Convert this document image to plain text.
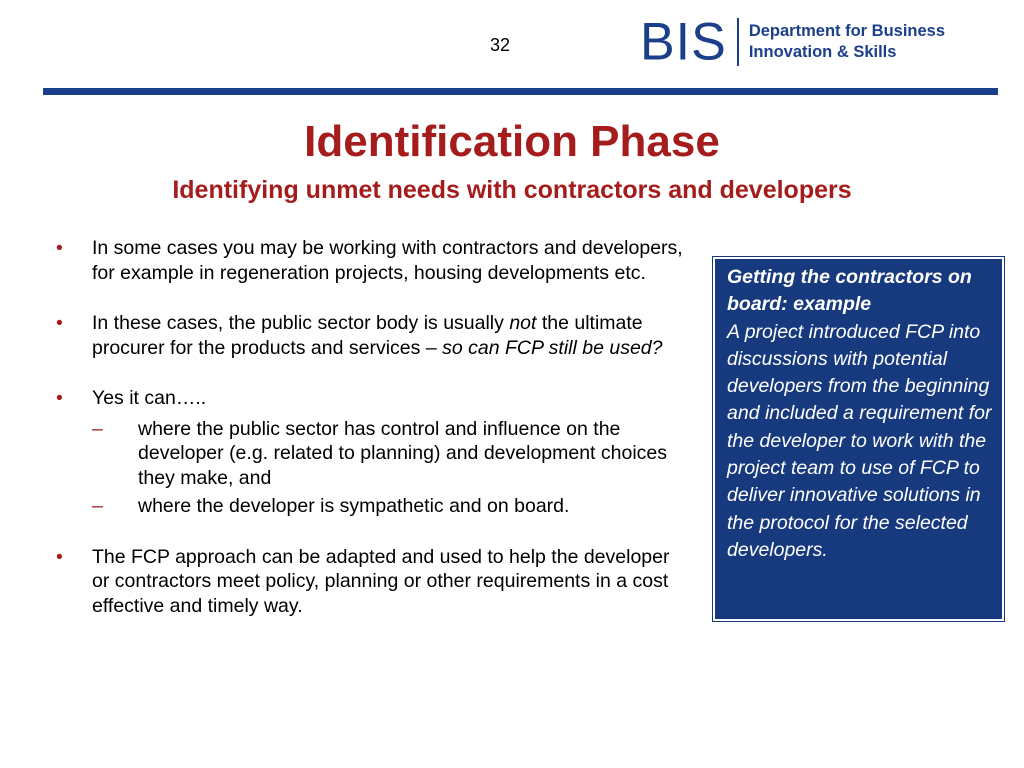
32 BIS Department for Business
Innovation & Skills
Identification Phase
Identifying unmet needs with contractors and developers
• In some cases you may be working with contractors and developers, for example in regeneration projects, housing developments etc.
• In these cases, the public sector body is usually not the ultimate procurer for the products and services – so can FCP still be used?
• Yes it can…..
– where the public sector has control and influence on the developer (e.g. related to planning) and development choices they make, and
– where the developer is sympathetic and on board.
• The FCP approach can be adapted and used to help the developer or contractors meet policy, planning or other requirements in a cost effective and timely way.
Getting the contractors on board: example
A project introduced FCP into discussions with potential developers from the beginning and included a requirement for the developer to work with the project team to use of FCP to deliver innovative solutions in the protocol for the selected developers.
